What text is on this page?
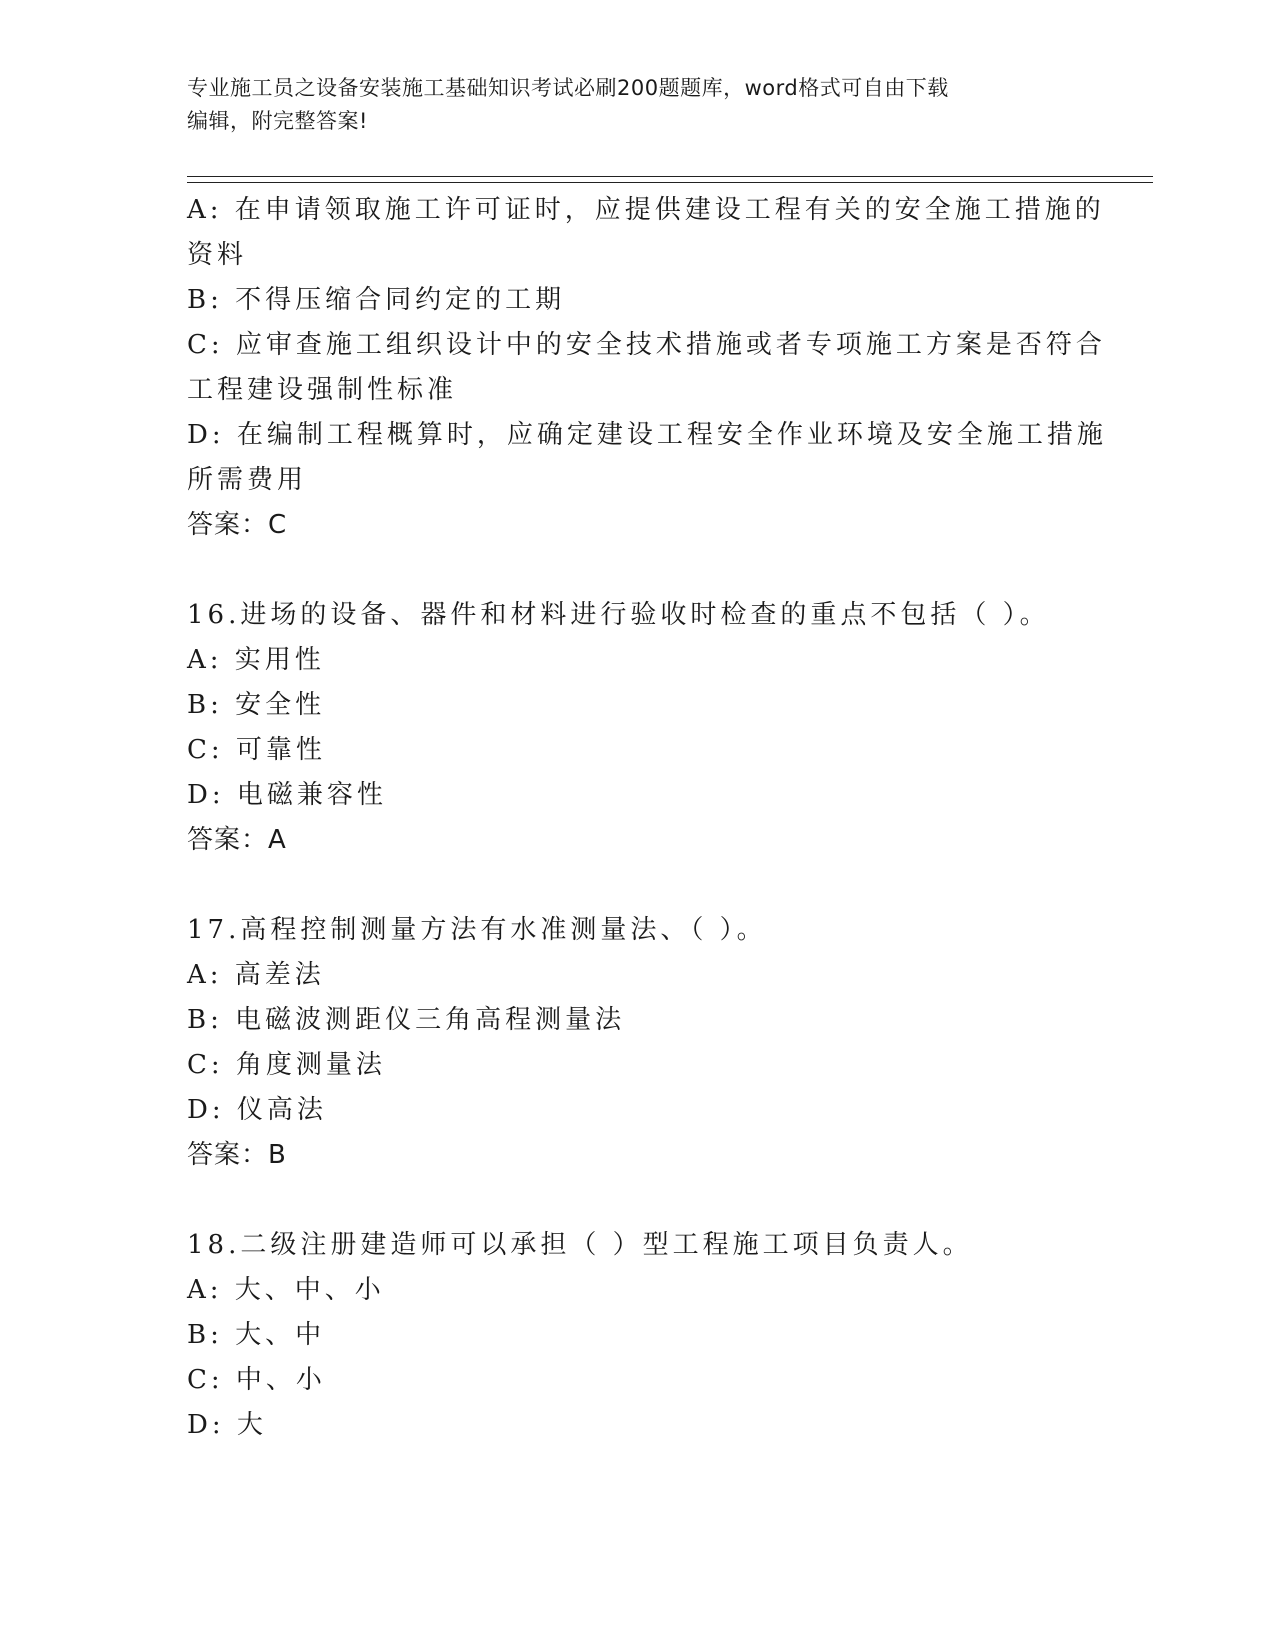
专业施工员之设备安装施工基础知识考试必刷200题题库，word格式可自由下载
编辑，附完整答案!

A: 在申请领取施工许可证时，应提供建设工程有关的安全施工措施的

资料

B: 不得压缩合同约定的工期

C: 应审查施工组织设计中的安全技术措施或者专项施工方案是否符合

工程建设强制性标准

D: 在编制工程概算时，应确定建设工程安全作业环境及安全施工措施

所需费用

答案：C

16.进场的设备、器件和材料进行验收时检查的重点不包括（ ）。

A: 实用性

B: 安全性

C: 可靠性

D: 电磁兼容性

答案：A

17.高程控制测量方法有水准测量法、（ ）。

A: 高差法

B: 电磁波测距仪三角高程测量法

C: 角度测量法

D: 仪高法

答案：B

18.二级注册建造师可以承担（ ）型工程施工项目负责人。

A: 大、中、小

B: 大、中

C: 中、小

D: 大
